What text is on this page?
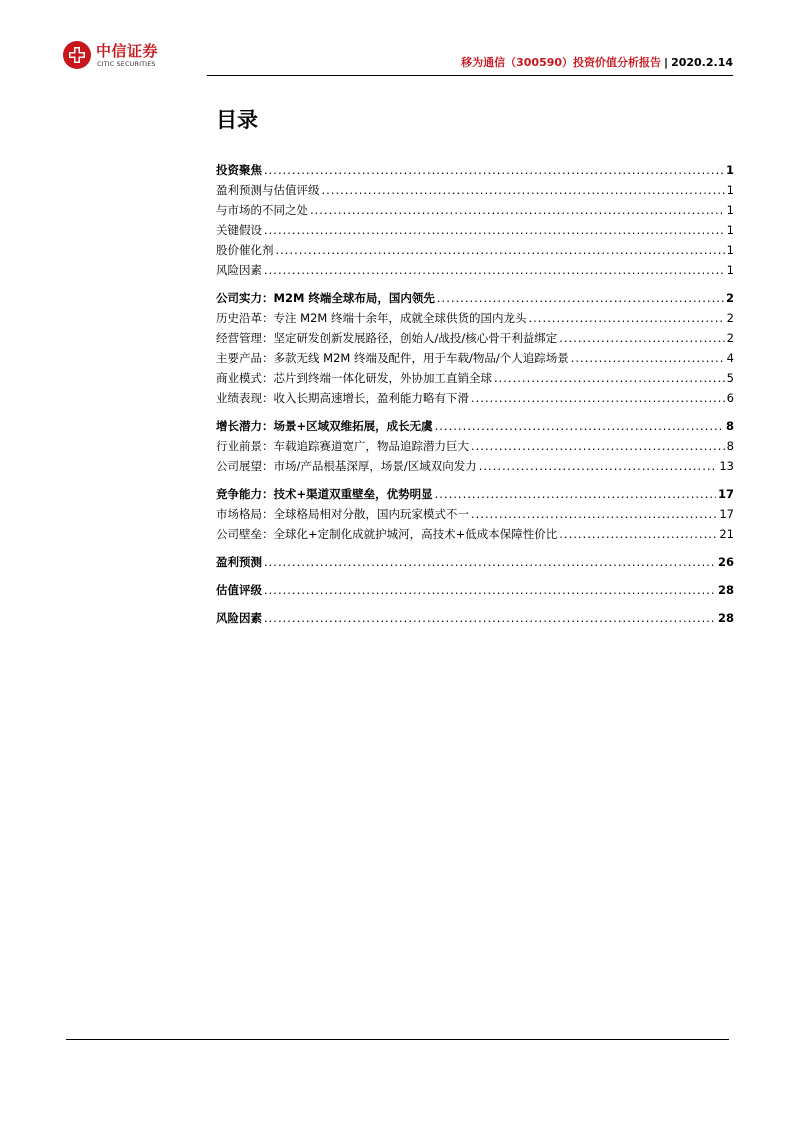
中信证券
CITIC SECURITIES	移为通信（300590）投资价值分析报告 | 2020.2.14
目录
投资聚焦 .....	1
盈利预测与估值评级 .....	1
与市场的不同之处 .....	1
关键假设 .....	1
股价催化剂 .....	1
风险因素 .....	1
公司实力：M2M 终端全球布局，国内领先 .....	2
历史沿革：专注 M2M 终端十余年，成就全球供货的国内龙头 .....	2
经营管理：坚定研发创新发展路径，创始人/战投/核心骨干利益绑定 .....	2
主要产品：多款无线 M2M 终端及配件，用于车载/物品/个人追踪场景 .....	4
商业模式：芯片到终端一体化研发，外协加工直销全球 .....	5
业绩表现：收入长期高速增长，盈利能力略有下滑 .....	6
增长潜力：场景+区域双维拓展，成长无虞 .....	8
行业前景：车载追踪赛道宽广，物品追踪潜力巨大 .....	8
公司展望：市场/产品根基深厚，场景/区域双向发力 .....	13
竞争能力：技术+渠道双重壁垒，优势明显 .....	17
市场格局：全球格局相对分散，国内玩家模式不一 .....	17
公司壁垒：全球化+定制化成就护城河，高技术+低成本保障性价比 .....	21
盈利预测 .....	26
估值评级 .....	28
风险因素 .....	28
